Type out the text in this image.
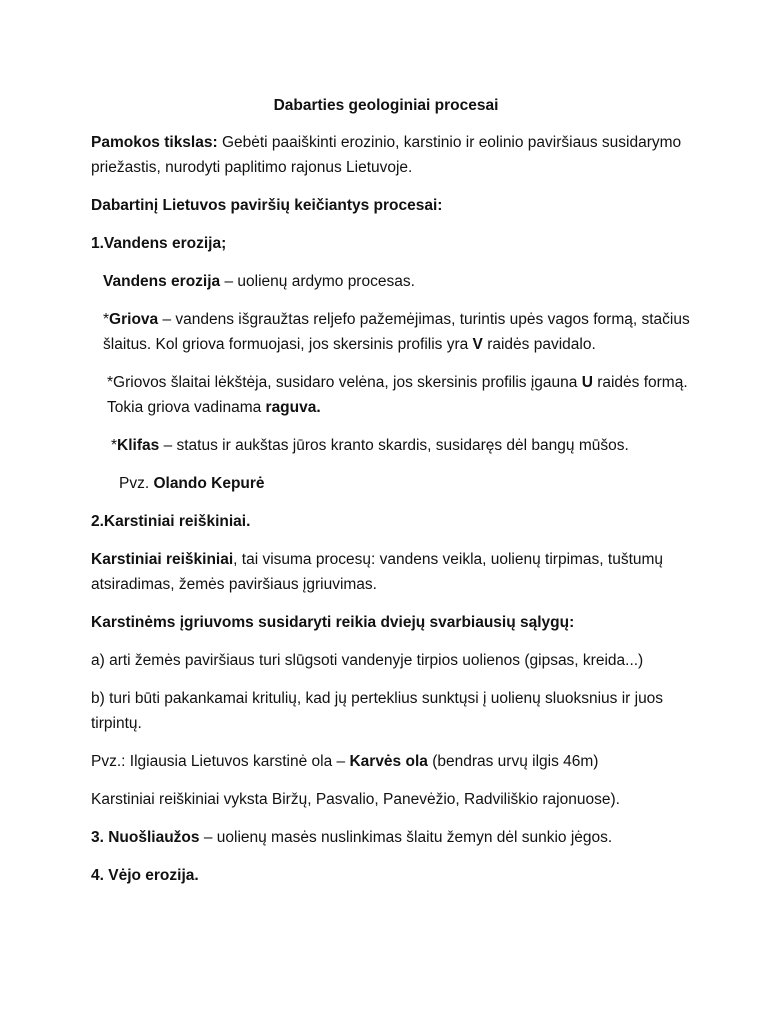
Dabarties geologiniai procesai

Pamokos tikslas: Gebėti paaiškinti erozinio, karstinio ir eolinio paviršiaus susidarymo priežastis, nurodyti paplitimo rajonus Lietuvoje.

Dabartinį Lietuvos paviršių keičiantys procesai:

1.Vandens erozija;

Vandens erozija – uolienų ardymo procesas.

*Griova – vandens išgraužtas reljefo pažemėjimas, turintis upės vagos formą, stačius šlaitus. Kol griova formuojasi, jos skersinis profilis yra V raidės pavidalo.

*Griovos šlaitai lėkštėja, susidaro velėna, jos skersinis profilis įgauna U raidės formą. Tokia griova vadinama raguva.

*Klifas – status ir aukštas jūros kranto skardis, susidaręs dėl bangų mūšos.

Pvz. Olando Kepurė

2.Karstiniai reiškiniai.

Karstiniai reiškiniai, tai visuma procesų: vandens veikla, uolienų tirpimas, tuštumų atsiradimas, žemės paviršiaus įgriuvimas.

Karstinėms įgriuvoms susidaryti reikia dviejų svarbiausių sąlygų:

a) arti žemės paviršiaus turi slūgsoti vandenyje tirpios uolienos (gipsas, kreida...)

b) turi būti pakankamai kritulių, kad jų perteklius sunktųsi į uolienų sluoksnius ir juos tirpintų.

Pvz.: Ilgiausia Lietuvos karstinė ola – Karvės ola (bendras urvų ilgis 46m)

Karstiniai reiškiniai vyksta Biržų, Pasvalio, Panevėžio, Radviliškio rajonuose).

3. Nuošliaužos – uolienų masės nuslinkimas šlaitu žemyn dėl sunkio jėgos.

4. Vėjo erozija.
